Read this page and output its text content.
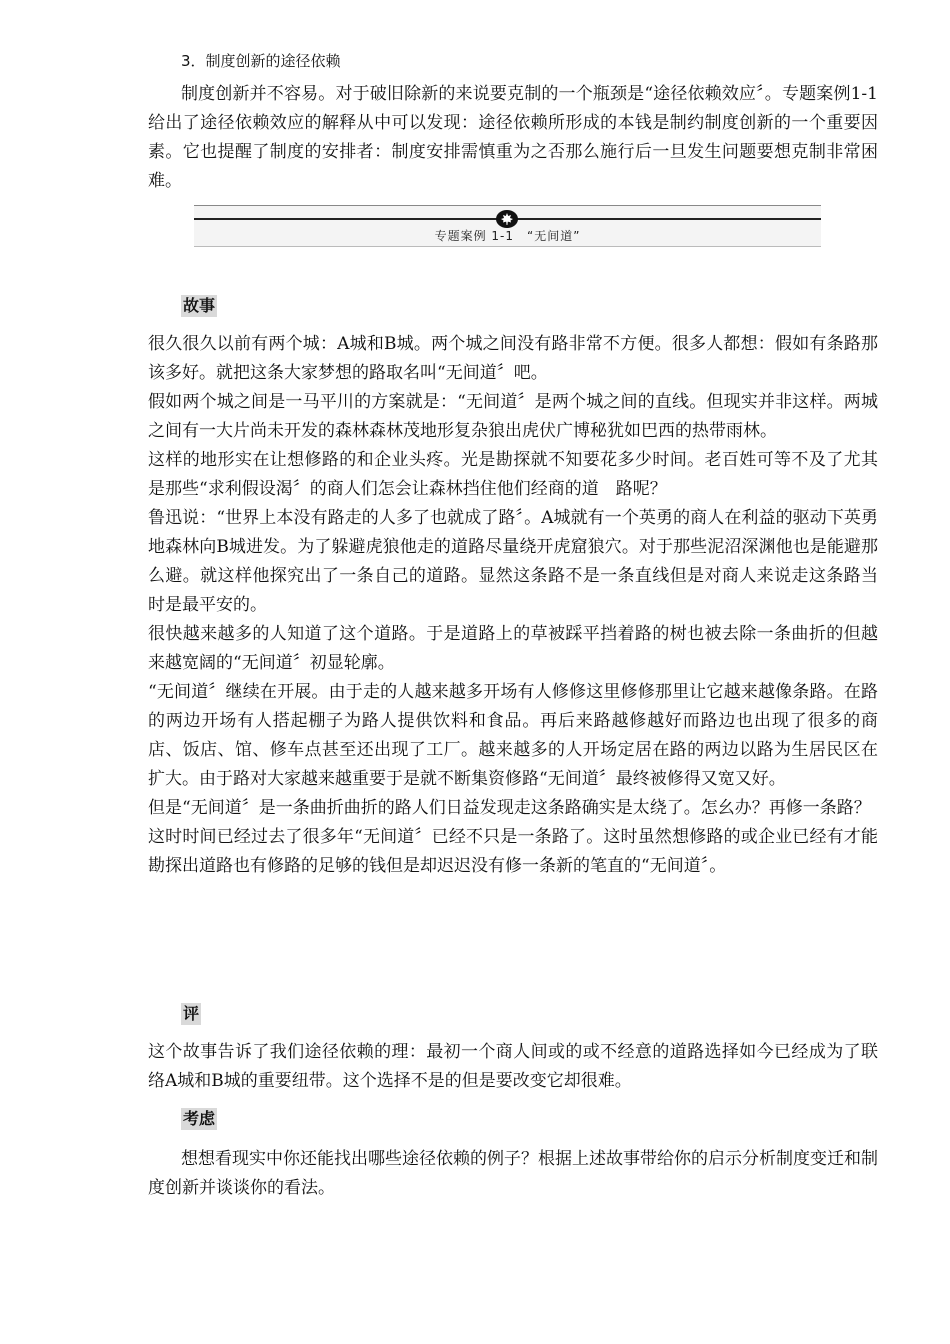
3．制度创新的途径依赖

制度创新并不容易。对于破旧除新的来说要克制的一个瓶颈是“途径依赖效应〞。专题案例1-1给出了途径依赖效应的解释从中可以发现：途径依赖所形成的本钱是制约制度创新的一个重要因素。它也提醒了制度的安排者：制度安排需慎重为之否那么施行后一旦发生问题要想克制非常困难。

专题案例 1-1　“无间道”

故事

很久很久以前有两个城：A城和B城。两个城之间没有路非常不方便。很多人都想：假如有条路那该多好。就把这条大家梦想的路取名叫“无间道〞吧。

假如两个城之间是一马平川的方案就是：“无间道〞是两个城之间的直线。但现实并非这样。两城之间有一大片尚未开发的森林森林茂地形复杂狼出虎伏广博秘犹如巴西的热带雨林。

这样的地形实在让想修路的和企业头疼。光是勘探就不知要花多少时间。老百姓可等不及了尤其是那些“求利假设渴〞的商人们怎会让森林挡住他们经商的道　路呢？

鲁迅说：“世界上本没有路走的人多了也就成了路〞。A城就有一个英勇的商人在利益的驱动下英勇地森林向B城进发。为了躲避虎狼他走的道路尽量绕开虎窟狼穴。对于那些泥沼深渊他也是能避那么避。就这样他探究出了一条自己的道路。显然这条路不是一条直线但是对商人来说走这条路当时是最平安的。

很快越来越多的人知道了这个道路。于是道路上的草被踩平挡着路的树也被去除一条曲折的但越来越宽阔的“无间道〞初显轮廓。

“无间道〞继续在开展。由于走的人越来越多开场有人修修这里修修那里让它越来越像条路。在路的两边开场有人搭起棚子为路人提供饮料和食品。再后来路越修越好而路边也出现了很多的商店、饭店、馆、修车点甚至还出现了工厂。越来越多的人开场定居在路的两边以路为生居民区在扩大。由于路对大家越来越重要于是就不断集资修路“无间道〞最终被修得又宽又好。

但是“无间道〞是一条曲折曲折的路人们日益发现走这条路确实是太绕了。怎幺办？再修一条路？

这时时间已经过去了很多年“无间道〞已经不只是一条路了。这时虽然想修路的或企业已经有才能勘探出道路也有修路的足够的钱但是却迟迟没有修一条新的笔直的“无间道〞。

评

这个故事告诉了我们途径依赖的理：最初一个商人间或的或不经意的道路选择如今已经成为了联络A城和B城的重要纽带。这个选择不是的但是要改变它却很难。

考虑

想想看现实中你还能找出哪些途径依赖的例子？根据上述故事带给你的启示分析制度变迁和制度创新并谈谈你的看法。
